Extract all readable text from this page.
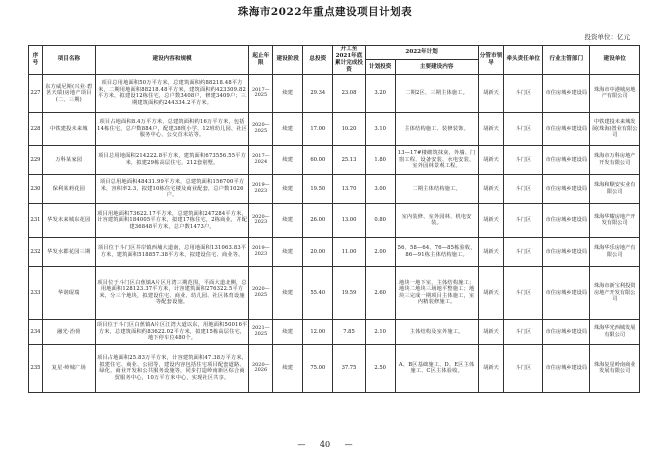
珠海市2022年重点建设项目计划表
投资单位：亿元
序号	项目名称	建设内容和规模	起止年限	建设阶段	总投资	开工至2021年底累计完成投资	2022年计划		分管市领导	牵头责任单位	行业主管部门	建设单位
							计划投资	主要建设内容				
227	东方威尼斯(兴业·碧茗天瑞)房地产项目(二、三期)	项目总用地面积50万平方米，总建筑面积约88218.48平方米，二期用地面积88218.48平方米，建筑面积约423309.82平方米，拟建设12栋住宅，总户数3408户，修建3409户；三期建筑面积约244334.2平方米。	2017—2025	续建	29.34	23.08	3.20	二期2区、三期主体施工。	胡新天	斗门区	市住房城乡建设局	珠海市中港城房地产有限公司
228	中铁建投未来城	项目占地面积8.4万平方米，总建筑面积约16万平方米，包括14栋住宅，总户数884户，配建38班小学、12班幼儿园、社区服务中心、公交首末站等。	2020—2025	续建	17.00	10.20	3.10	主体结构施工、装修装饰。	胡新天	斗门区	市住房城乡建设局	中铁建投未来城发展(珠海)置业有限公司
229	万科某家园	项目总用地面积214222.8平方米，建筑面积673556.55平方米，拟建29栋高层住宅，212套别墅。	2017—2024	续建	60.00	25.13	1.80	13—17#楼砌筑抹灰、外墙、门窗工程、设备安装、水电安装、室外园林景观工程。	胡新天	斗门区	市住房城乡建设局	珠海市万科房地产开发有限公司
230	保利某莉花园	项目总用地面积48431.99平方米，总建筑面积156700平方米，容积率2.3，拟建10栋住宅楼及商业配套，总户数1026户。	2019—2023	续建	19.50	13.70	3.00	二期主体结构施工。	胡新天	斗门区	市住房城乡建设局	珠海和顺安实业有限公司
231	华发未来城东花园	项目用地面积73622.17平方米，总建筑面积247284平方米，计容建筑面积184005平方米，拟建17栋住宅，2栋商业，并配建36848平方米，总户数1473户。	2020—2023	续建	26.00	13.00	0.80	室内装修、室外园林、机电安装。	胡新天	斗门区	市住房城乡建设局	珠海华耀房地产开发有限公司
232	华发水郡花园三期	项目位于斗门区井岸镇西埔大道南，总用地面积131063.83平方米，建筑面积518857.38平方米，拟建设住宅、商业等。	2019—2023	续建	20.00	11.00	2.00	56、58—64、76—85栋验收，86—91栋主体结构施工。	胡新天	斗门区	市住房城乡建设局	珠海华乐房地产有限公司
233	华润琨瑞	项目位于斗门区白蕉镇A片区月湾三期范围，平面大道北侧，总用地面积128123.37平方米，计容建筑面积276322.5平方米，分三个地块，拟建设住宅、商业、幼儿园、社区体育设施等配套设施。	2020—2025	续建	55.40	19.59	2.60	地块一地下室，主体结构施工；地块二地块三场地平整施工；地块三完成一期项目主体施工，室内精装修施工。	胡新天	斗门区	市住房城乡建设局	珠海市新宝利投资房地产开发有限公司
234	融光·治荷	项目位于斗门区白蕉镇A片区江湾大道以东，用地面积50016平方米，总建筑面积约83622.02平方米，拟建15栋高层住宅，地下停车位480个。	2021—2025	续建	12.00	7.85	2.10	主体结构及室外施工。	胡新天	斗门区	市住房城乡建设局	珠海华光西城发展有限公司
235	复星·岭城广场	项目占地面积25.83万平方米，计容建筑面积47.38万平方米，拟建住宅、商业、公园等，建设内容包括住宅项目配套道路、绿化、商业开发和公共服务设施等，同步打造岭南新区综合商贸服务中心，10万平方米中心，实现社区共享。	2020—2026	续建	75.00	37.75	2.50	A、B区基础施工、D、E区主体施工、C区主体验收。	胡新天	斗门区	市住房城乡建设局	珠海复星岭南商业发展有限公司
— 40 —
